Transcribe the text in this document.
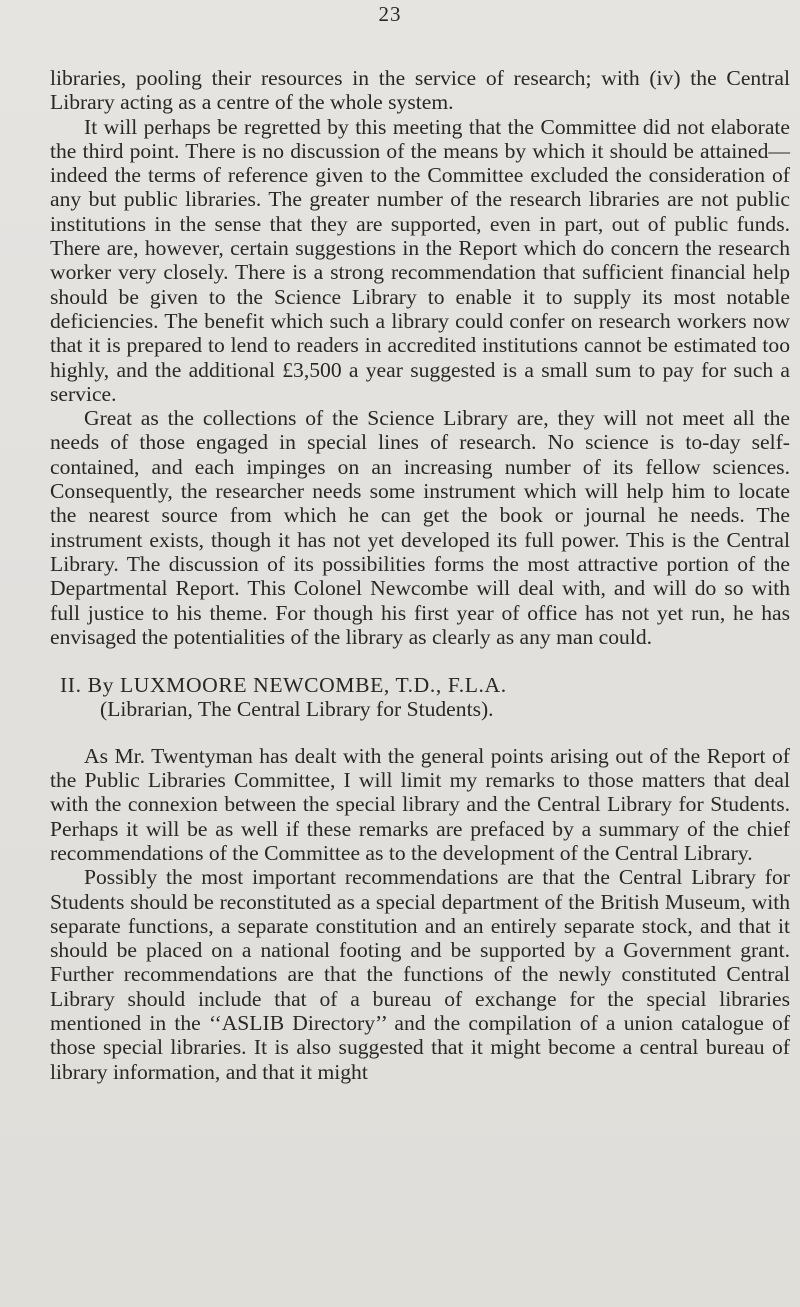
23

libraries, pooling their resources in the service of research; with (iv) the Central Library acting as a centre of the whole system.

It will perhaps be regretted by this meeting that the Committee did not elaborate the third point. There is no discussion of the means by which it should be attained—indeed the terms of reference given to the Committee excluded the consideration of any but public libraries. The greater number of the research libraries are not public institutions in the sense that they are supported, even in part, out of public funds. There are, however, certain suggestions in the Report which do concern the research worker very closely. There is a strong recommendation that sufficient financial help should be given to the Science Library to enable it to supply its most notable deficiencies. The benefit which such a library could confer on research workers now that it is prepared to lend to readers in accredited institutions cannot be estimated too highly, and the additional £3,500 a year suggested is a small sum to pay for such a service.

Great as the collections of the Science Library are, they will not meet all the needs of those engaged in special lines of research. No science is to-day self-contained, and each impinges on an increasing number of its fellow sciences. Consequently, the researcher needs some instrument which will help him to locate the nearest source from which he can get the book or journal he needs. The instrument exists, though it has not yet developed its full power. This is the Central Library. The discussion of its possibilities forms the most attractive portion of the Departmental Report. This Colonel Newcombe will deal with, and will do so with full justice to his theme. For though his first year of office has not yet run, he has envisaged the potentialities of the library as clearly as any man could.

II. By LUXMOORE NEWCOMBE, T.D., F.L.A.

(Librarian, The Central Library for Students).

As Mr. Twentyman has dealt with the general points arising out of the Report of the Public Libraries Committee, I will limit my remarks to those matters that deal with the connexion between the special library and the Central Library for Students. Perhaps it will be as well if these remarks are prefaced by a summary of the chief recommendations of the Committee as to the development of the Central Library.

Possibly the most important recommendations are that the Central Library for Students should be reconstituted as a special department of the British Museum, with separate functions, a separate constitution and an entirely separate stock, and that it should be placed on a national footing and be supported by a Government grant. Further recommendations are that the functions of the newly constituted Central Library should include that of a bureau of exchange for the special libraries mentioned in the ‘‘ASLIB Directory’’ and the compilation of a union catalogue of those special libraries. It is also suggested that it might become a central bureau of library information, and that it might
